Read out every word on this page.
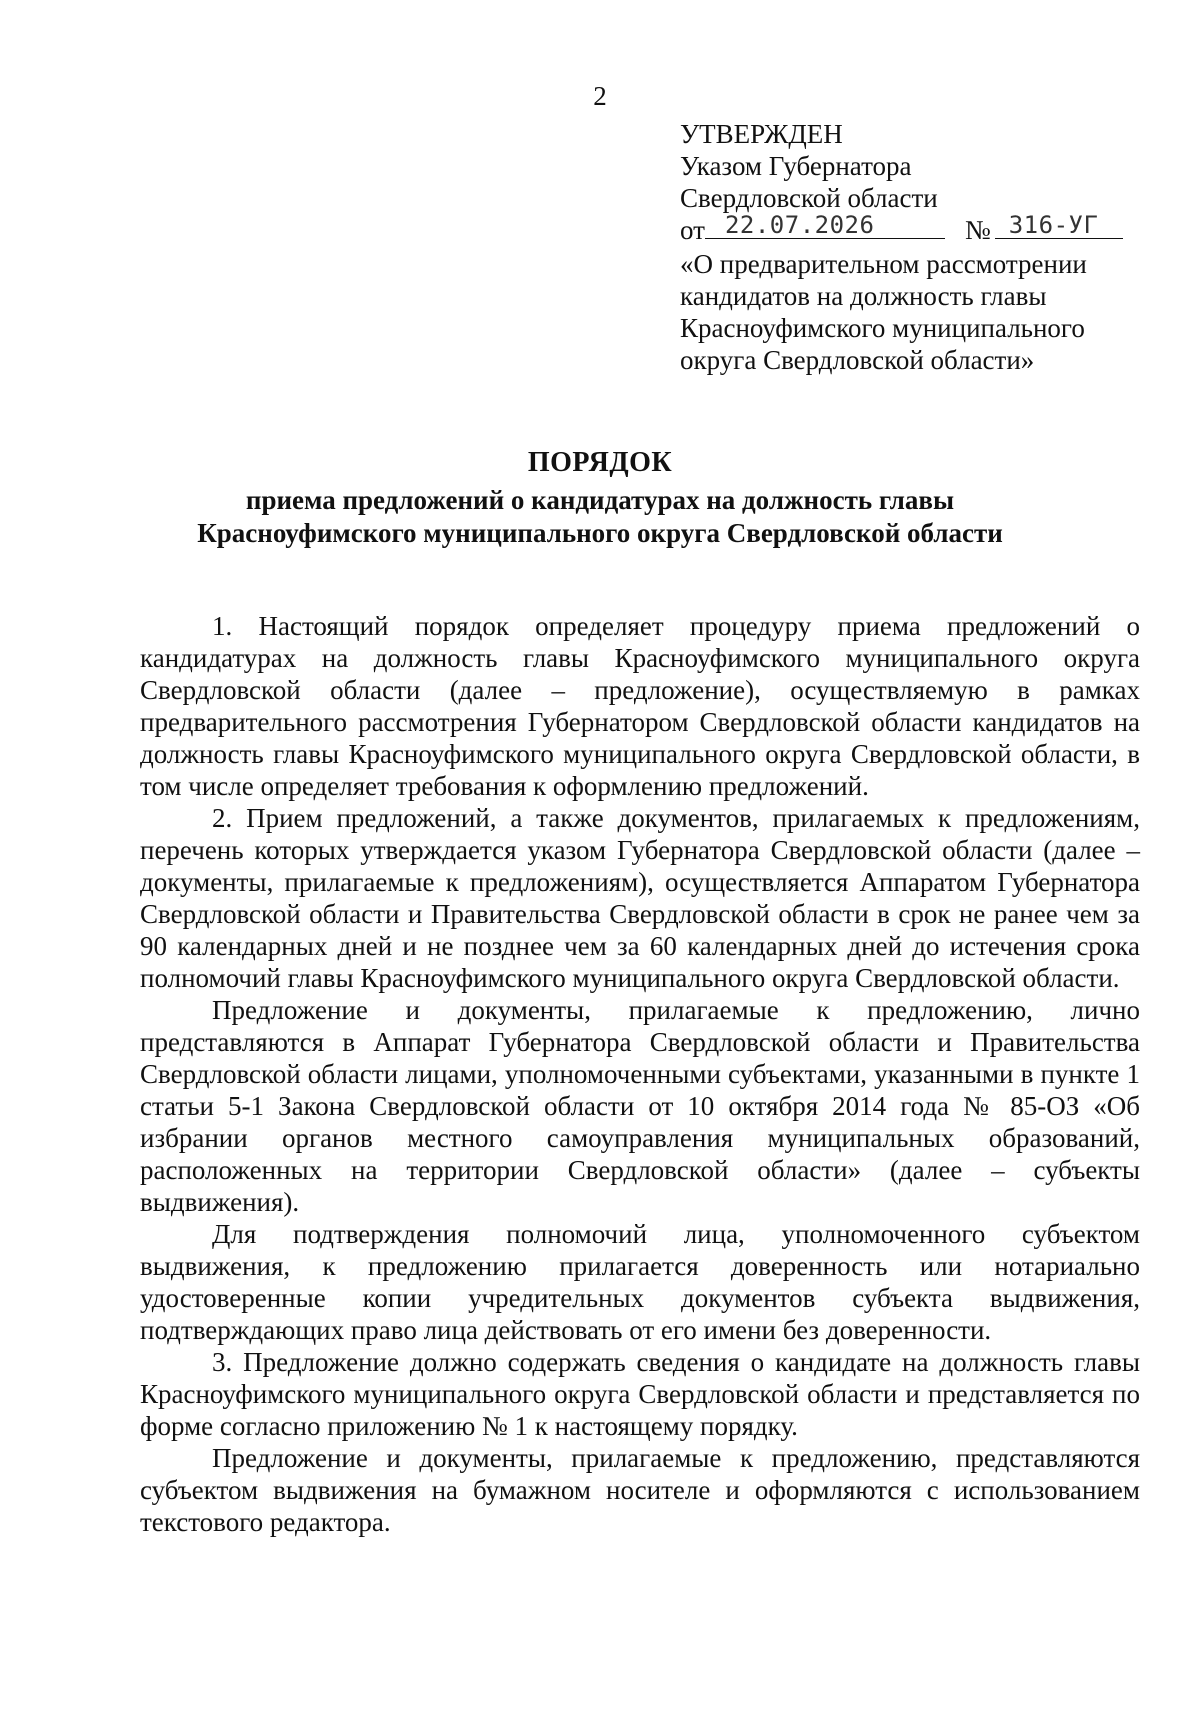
2
УТВЕРЖДЕН
Указом Губернатора
Свердловской области
от 22.07.2026	№ 316-УГ
«О предварительном рассмотрении
кандидатов на должность главы
Красноуфимского муниципального
округа Свердловской области»
ПОРЯДОК
приема предложений о кандидатурах на должность главы
Красноуфимского муниципального округа Свердловской области

1. Настоящий порядок определяет процедуру приема предложений о кандидатурах на должность главы Красноуфимского муниципального округа Свердловской области (далее – предложение), осуществляемую в рамках предварительного рассмотрения Губернатором Свердловской области кандидатов на должность главы Красноуфимского муниципального округа Свердловской области, в том числе определяет требования к оформлению предложений.

2. Прием предложений, а также документов, прилагаемых к предложениям, перечень которых утверждается указом Губернатора Свердловской области (далее – документы, прилагаемые к предложениям), осуществляется Аппаратом Губернатора Свердловской области и Правительства Свердловской области в срок не ранее чем за 90 календарных дней и не позднее чем за 60 календарных дней до истечения срока полномочий главы Красноуфимского муниципального округа Свердловской области.

Предложение и документы, прилагаемые к предложению, лично представляются в Аппарат Губернатора Свердловской области и Правительства Свердловской области лицами, уполномоченными субъектами, указанными в пункте 1 статьи 5-1 Закона Свердловской области от 10 октября 2014 года № 85-ОЗ «Об избрании органов местного самоуправления муниципальных образований, расположенных на территории Свердловской области» (далее – субъекты выдвижения).

Для подтверждения полномочий лица, уполномоченного субъектом выдвижения, к предложению прилагается доверенность или нотариально удостоверенные копии учредительных документов субъекта выдвижения, подтверждающих право лица действовать от его имени без доверенности.

3. Предложение должно содержать сведения о кандидате на должность главы Красноуфимского муниципального округа Свердловской области и представляется по форме согласно приложению № 1 к настоящему порядку.

Предложение и документы, прилагаемые к предложению, представляются субъектом выдвижения на бумажном носителе и оформляются с использованием текстового редактора.
